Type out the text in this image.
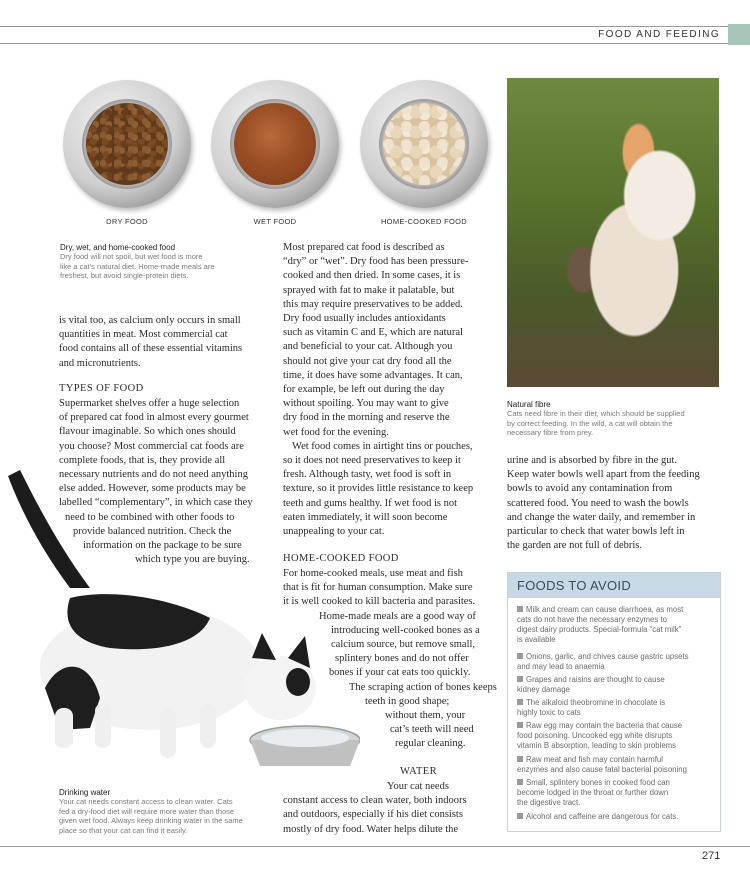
FOOD AND FEEDING
DRY FOOD	WET FOOD	HOME-COOKED FOOD
Dry, wet, and home-cooked food
Dry food will not spoil, but wet food is more
like a cat’s natural diet. Home-made meals are
freshest, but avoid single-protein diets.
Natural fibre
Cats need fibre in their diet, which should be supplied
by correct feeding. In the wild, a cat will obtain the
necessary fibre from prey.
is vital too, as calcium only occurs in small
quantities in meat. Most commercial cat
food contains all of these essential vitamins
and micronutrients.
TYPES OF FOOD
Supermarket shelves offer a huge selection
of prepared cat food in almost every gourmet
flavour imaginable. So which ones should
you choose? Most commercial cat foods are
complete foods, that is, they provide all
necessary nutrients and do not need anything
else added. However, some products may be
labelled “complementary”, in which case they
need to be combined with other foods to
provide balanced nutrition. Check the
information on the package to be sure
which type you are buying.
Drinking water
Your cat needs constant access to clean water. Cats
fed a dry-food diet will require more water than those
given wet food. Always keep drinking water in the same
place so that your cat can find it easily.
Most prepared cat food is described as
“dry” or “wet”. Dry food has been pressure-
cooked and then dried. In some cases, it is
sprayed with fat to make it palatable, but
this may require preservatives to be added.
Dry food usually includes antioxidants
such as vitamin C and E, which are natural
and beneficial to your cat. Although you
should not give your cat dry food all the
time, it does have some advantages. It can,
for example, be left out during the day
without spoiling. You may want to give
dry food in the morning and reserve the
wet food for the evening.
Wet food comes in airtight tins or pouches,
so it does not need preservatives to keep it
fresh. Although tasty, wet food is soft in
texture, so it provides little resistance to keep
teeth and gums healthy. If wet food is not
eaten immediately, it will soon become
unappealing to your cat.
HOME-COOKED FOOD
For home-cooked meals, use meat and fish
that is fit for human consumption. Make sure
it is well cooked to kill bacteria and parasites.
Home-made meals are a good way of
introducing well-cooked bones as a
calcium source, but remove small,
splintery bones and do not offer
bones if your cat eats too quickly.
The scraping action of bones keeps
teeth in good shape;
without them, your
cat’s teeth will need
regular cleaning.
WATER
Your cat needs
constant access to clean water, both indoors
and outdoors, especially if his diet consists
mostly of dry food. Water helps dilute the
urine and is absorbed by fibre in the gut.
Keep water bowls well apart from the feeding
bowls to avoid any contamination from
scattered food. You need to wash the bowls
and change the water daily, and remember in
particular to check that water bowls left in
the garden are not full of debris.
FOODS TO AVOID
Milk and cream can cause diarrhoea, as most
cats do not have the necessary enzymes to
digest dairy products. Special-formula “cat milk”
is available
Onions, garlic, and chives cause gastric upsets
and may lead to anaemia
Grapes and raisins are thought to cause
kidney damage
The alkaloid theobromine in chocolate is
highly toxic to cats
Raw egg may contain the bacteria that cause
food poisoning. Uncooked egg white disrupts
vitamin B absorption, leading to skin problems
Raw meat and fish may contain harmful
enzymes and also cause fatal bacterial poisoning
Small, splintery bones in cooked food can
become lodged in the throat or further down
the digestive tract.
Alcohol and caffeine are dangerous for cats.
271
